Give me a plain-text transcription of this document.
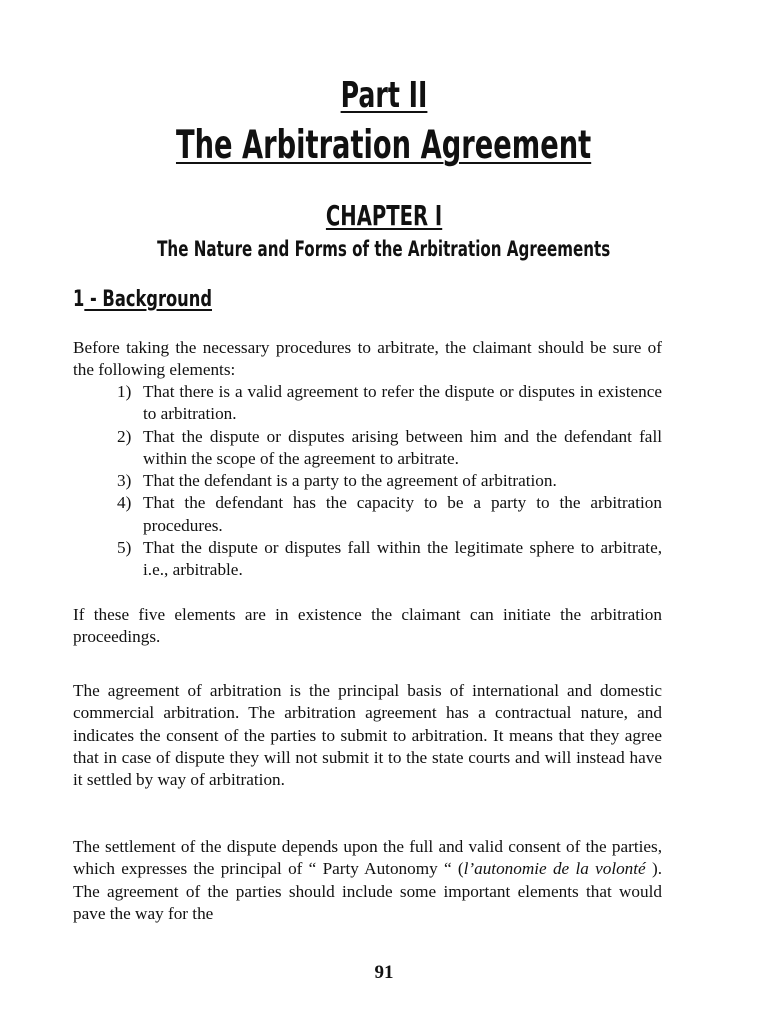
Part II
The Arbitration Agreement
CHAPTER I
The Nature and Forms of the Arbitration Agreements
1 - Background

Before taking the necessary procedures to arbitrate, the claimant should be sure of the following elements:

1) That there is a valid agreement to refer the dispute or disputes in existence to arbitration.
2) That the dispute or disputes arising between him and the defendant fall within the scope of the agreement to arbitrate.
3) That the defendant is a party to the agreement of arbitration.
4) That the defendant has the capacity to be a party to the arbitration procedures.
5) That the dispute or disputes fall within the legitimate sphere to arbitrate, i.e., arbitrable.

If these five elements are in existence the claimant can initiate the arbitration proceedings.

The agreement of arbitration is the principal basis of international and domestic commercial arbitration. The arbitration agreement has a contractual nature, and indicates the consent of the parties to submit to arbitration. It means that they agree that in case of dispute they will not submit it to the state courts and will instead have it settled by way of arbitration.

The settlement of the dispute depends upon the full and valid consent of the parties, which expresses the principal of “ Party Autonomy “ (l’autonomie de la volonté ). The agreement of the parties should include some important elements that would pave the way for the

91
